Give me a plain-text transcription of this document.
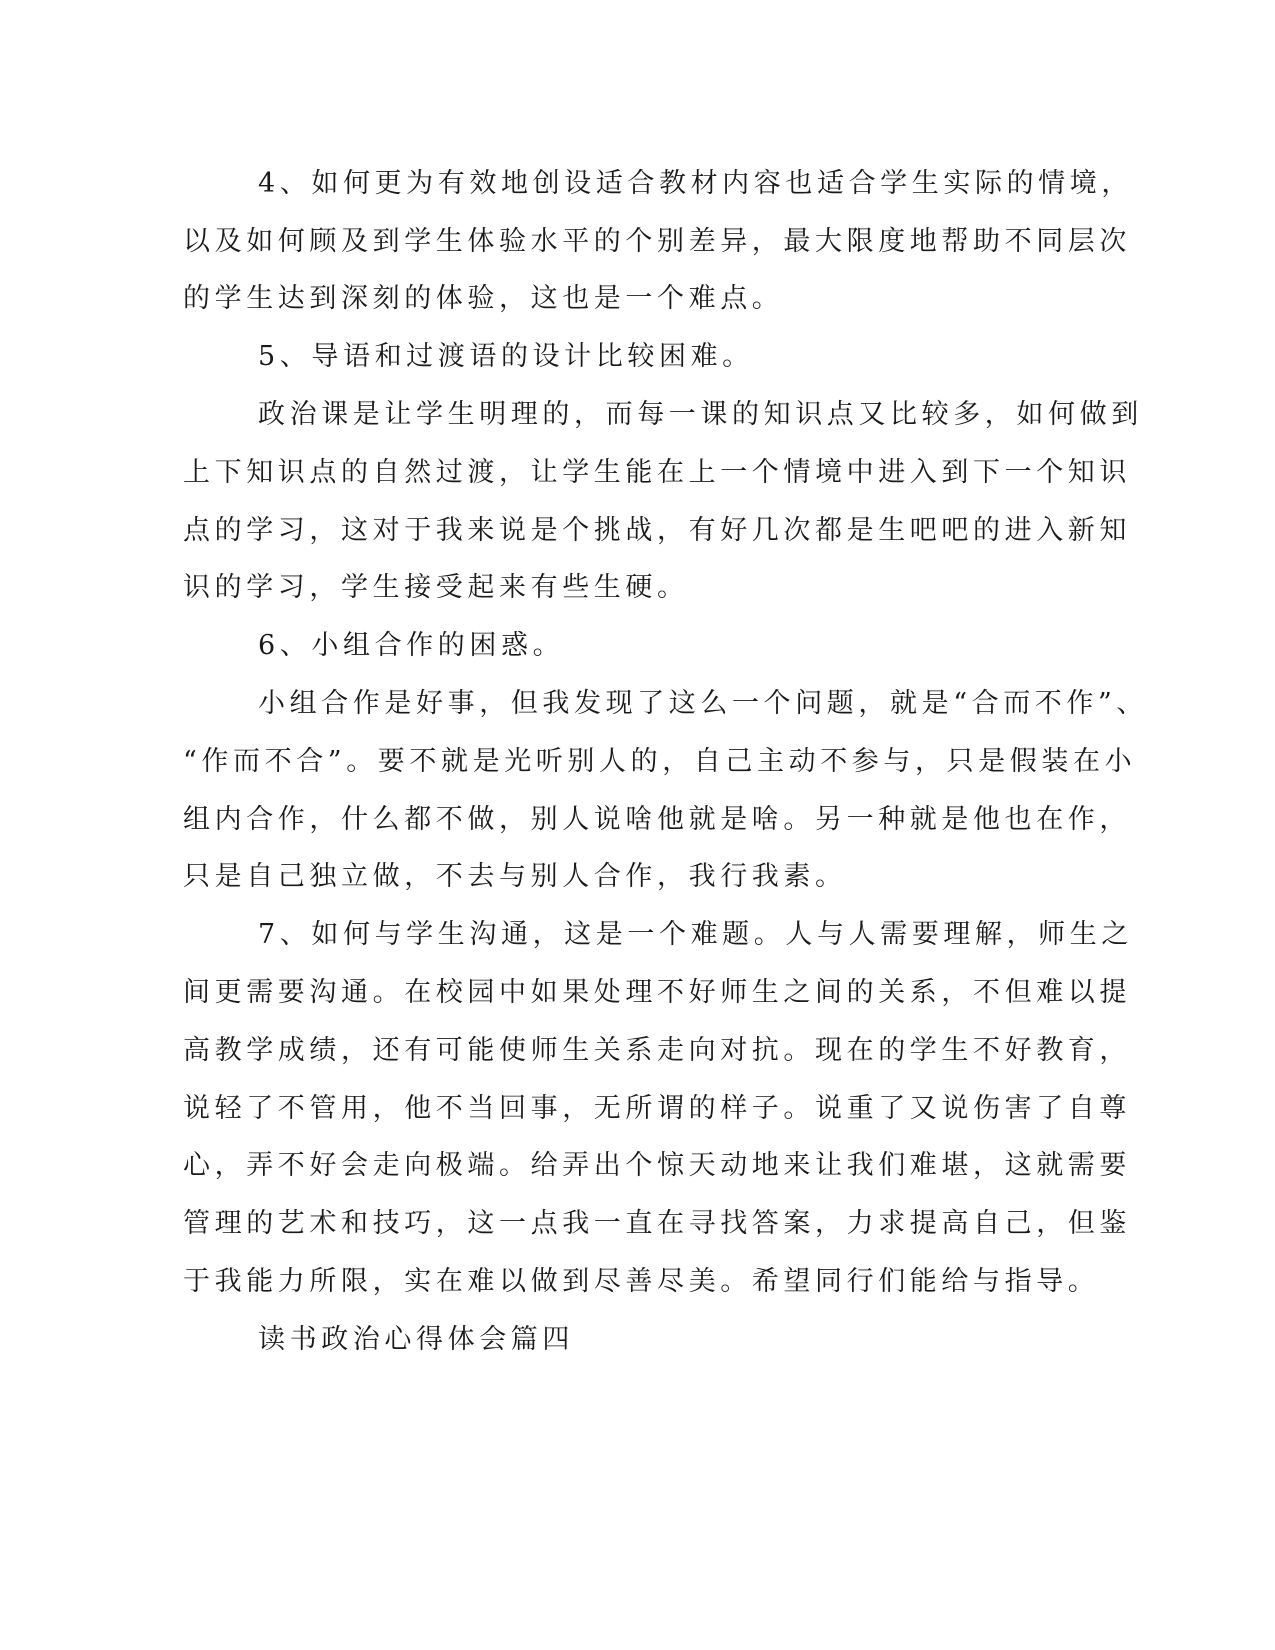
4、如何更为有效地创设适合教材内容也适合学生实际的情境，
以及如何顾及到学生体验水平的个别差异，最大限度地帮助不同层次
的学生达到深刻的体验，这也是一个难点。
5、导语和过渡语的设计比较困难。
政治课是让学生明理的，而每一课的知识点又比较多，如何做到
上下知识点的自然过渡，让学生能在上一个情境中进入到下一个知识
点的学习，这对于我来说是个挑战，有好几次都是生吧吧的进入新知
识的学习，学生接受起来有些生硬。
6、小组合作的困惑。
小组合作是好事，但我发现了这么一个问题，就是“合而不作”、
“作而不合”。要不就是光听别人的，自己主动不参与，只是假装在小
组内合作，什么都不做，别人说啥他就是啥。另一种就是他也在作，
只是自己独立做，不去与别人合作，我行我素。
7、如何与学生沟通，这是一个难题。人与人需要理解，师生之
间更需要沟通。在校园中如果处理不好师生之间的关系，不但难以提
高教学成绩，还有可能使师生关系走向对抗。现在的学生不好教育，
说轻了不管用，他不当回事，无所谓的样子。说重了又说伤害了自尊
心，弄不好会走向极端。给弄出个惊天动地来让我们难堪，这就需要
管理的艺术和技巧，这一点我一直在寻找答案，力求提高自己，但鉴
于我能力所限，实在难以做到尽善尽美。希望同行们能给与指导。
读书政治心得体会篇四
